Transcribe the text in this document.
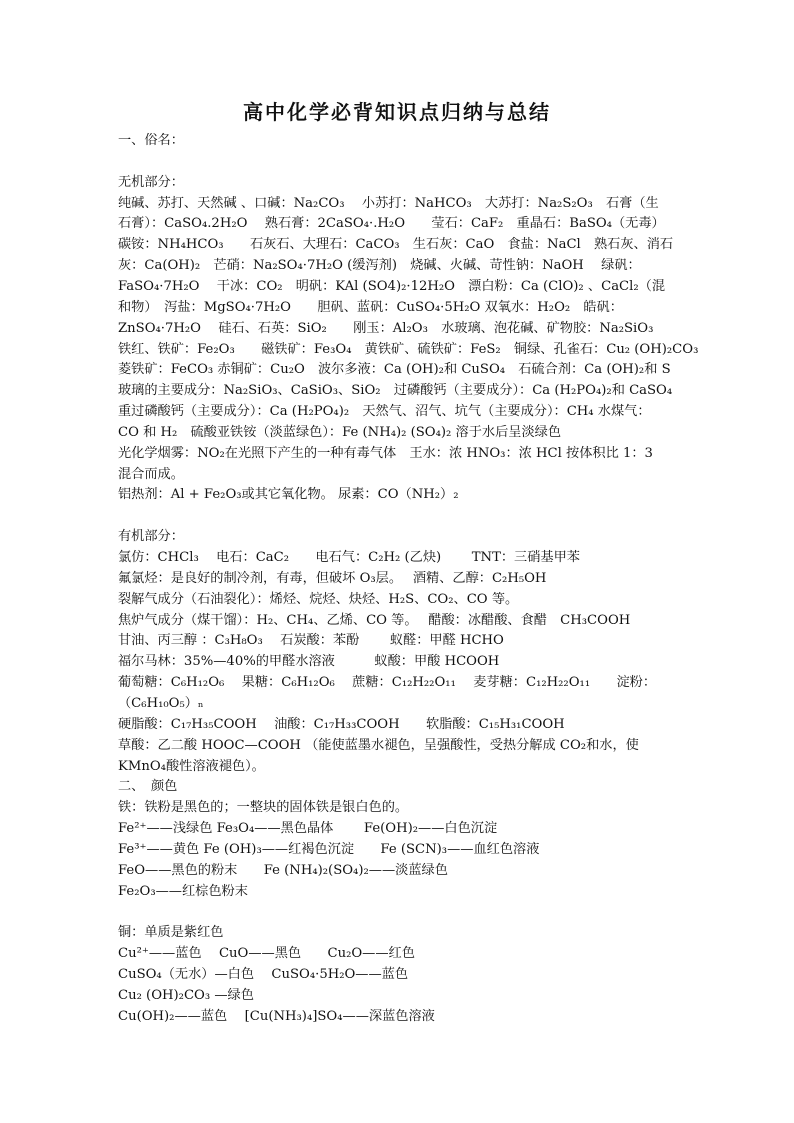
高中化学必背知识点归纳与总结
一、俗名：
无机部分：
纯碱、苏打、天然碱 、口碱：Na₂CO₃　 小苏打：NaHCO₃　大苏打：Na₂S₂O₃　石膏（生
石膏）：CaSO₄.2H₂O　 熟石膏：2CaSO₄·.H₂O　　莹石：CaF₂　重晶石：BaSO₄（无毒）
碳铵：NH₄HCO₃　　石灰石、大理石：CaCO₃　生石灰：CaO　食盐：NaCl　熟石灰、消石
灰：Ca(OH)₂　芒硝：Na₂SO₄·7H₂O (缓泻剂)　烧碱、火碱、苛性钠：NaOH　 绿矾：
FaSO₄·7H₂O　 干冰：CO₂　明矾：KAl (SO4)₂·12H₂O　漂白粉：Ca (ClO)₂ 、CaCl₂（混
和物）　泻盐：MgSO₄·7H₂O　　胆矾、蓝矾：CuSO₄·5H₂O 双氧水：H₂O₂　皓矾：
ZnSO₄·7H₂O　 硅石、石英：SiO₂　　刚玉：Al₂O₃　水玻璃、泡花碱、矿物胶：Na₂SiO₃
铁红、铁矿：Fe₂O₃　　磁铁矿：Fe₃O₄　黄铁矿、硫铁矿：FeS₂　铜绿、孔雀石：Cu₂ (OH)₂CO₃
菱铁矿：FeCO₃ 赤铜矿：Cu₂O　波尔多液：Ca (OH)₂和 CuSO₄　石硫合剂：Ca (OH)₂和 S
玻璃的主要成分：Na₂SiO₃、CaSiO₃、SiO₂　过磷酸钙（主要成分）：Ca (H₂PO₄)₂和 CaSO₄
重过磷酸钙（主要成分）：Ca (H₂PO₄)₂　天然气、沼气、坑气（主要成分）：CH₄ 水煤气：
CO 和 H₂　硫酸亚铁铵（淡蓝绿色）：Fe (NH₄)₂ (SO₄)₂ 溶于水后呈淡绿色
光化学烟雾：NO₂在光照下产生的一种有毒气体　王水：浓 HNO₃：浓 HCl 按体积比 1：3
混合而成。
铝热剂：Al + Fe₂O₃或其它氧化物。 尿素：CO（NH₂）₂
有机部分：
氯仿：CHCl₃　 电石：CaC₂　　电石气：C₂H₂ (乙炔)　　 TNT：三硝基甲苯
氟氯烃：是良好的制冷剂，有毒，但破坏 O₃层。　 酒精、乙醇：C₂H₅OH
裂解气成分（石油裂化）：烯烃、烷烃、炔烃、H₂S、CO₂、CO 等。
焦炉气成分（煤干馏）：H₂、CH₄、乙烯、CO 等。　 醋酸：冰醋酸、食醋　CH₃COOH
甘油、丙三醇 ：C₃H₈O₃　 石炭酸：苯酚　　 蚁醛：甲醛 HCHO
福尔马林：35%—40%的甲醛水溶液　　　蚁酸：甲酸 HCOOH
葡萄糖：C₆H₁₂O₆　 果糖：C₆H₁₂O₆　 蔗糖：C₁₂H₂₂O₁₁　 麦芽糖：C₁₂H₂₂O₁₁　　淀粉：
（C₆H₁₀O₅）ₙ
硬脂酸：C₁₇H₃₅COOH　 油酸：C₁₇H₃₃COOH　　软脂酸：C₁₅H₃₁COOH
草酸：乙二酸 HOOC—COOH （能使蓝墨水褪色，呈强酸性，受热分解成 CO₂和水，使
KMnO₄酸性溶液褪色）。
二、　颜色
铁：铁粉是黑色的；一整块的固体铁是银白色的。
Fe²⁺——浅绿色 Fe₃O₄——黑色晶体　　 Fe(OH)₂——白色沉淀
Fe³⁺——黄色 Fe (OH)₃——红褐色沉淀　　Fe (SCN)₃——血红色溶液
FeO——黑色的粉末　　Fe (NH₄)₂(SO₄)₂——淡蓝绿色
Fe₂O₃——红棕色粉末
铜：单质是紫红色
Cu²⁺——蓝色　 CuO——黑色　　Cu₂O——红色
CuSO₄（无水）—白色　 CuSO₄·5H₂O——蓝色
Cu₂ (OH)₂CO₃ —绿色
Cu(OH)₂——蓝色　 [Cu(NH₃)₄]SO₄——深蓝色溶液
